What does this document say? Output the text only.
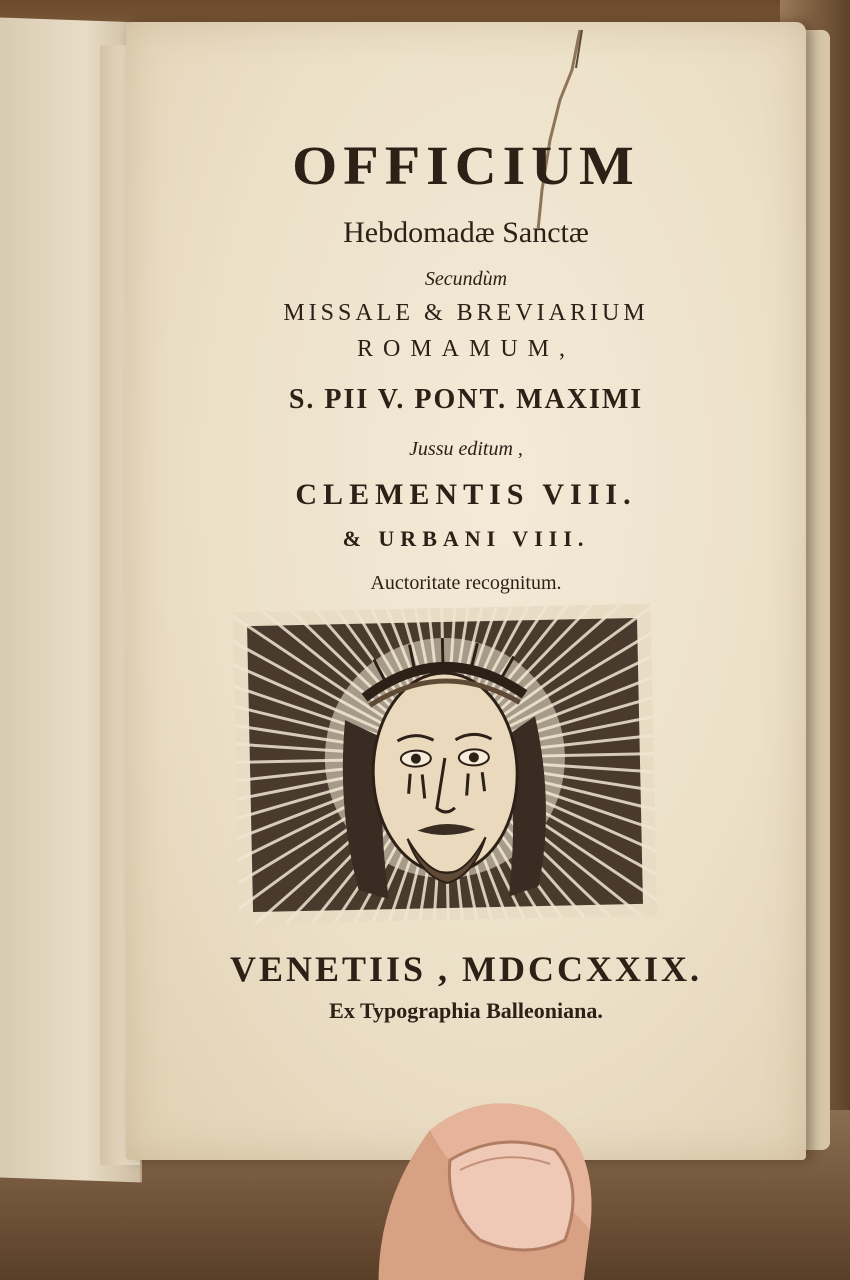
OFFICIUM
Hebdomadæ Sanctæ
Secundùm
MISSALE & BREVIARIUM
ROMAMUM,
S. PII V. PONT. MAXIMI
Jussu editum ,
CLEMENTIS VIII.
& URBANI VIII.
Auctoritate recognitum.
VENETIIS , MDCCXXIX.
Ex Typographia Balleoniana.
